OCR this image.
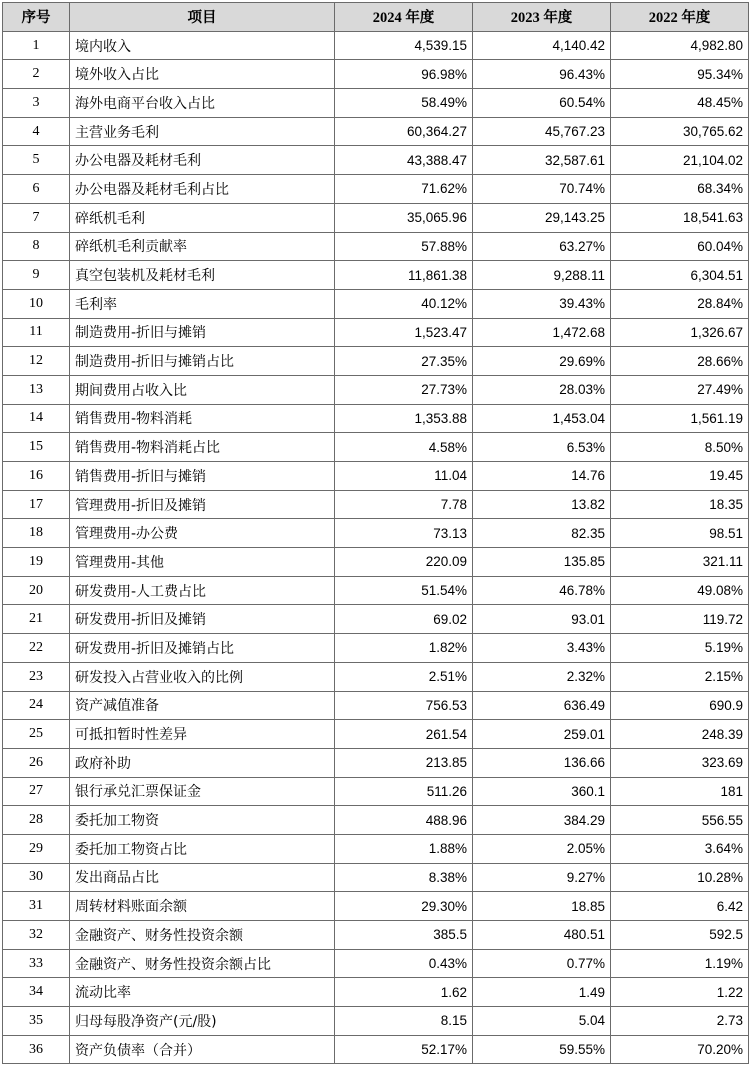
序号	项目	2024 年度	2023 年度	2022 年度
1	境内收入	4,539.15	4,140.42	4,982.80
2	境外收入占比	96.98%	96.43%	95.34%
3	海外电商平台收入占比	58.49%	60.54%	48.45%
4	主营业务毛利	60,364.27	45,767.23	30,765.62
5	办公电器及耗材毛利	43,388.47	32,587.61	21,104.02
6	办公电器及耗材毛利占比	71.62%	70.74%	68.34%
7	碎纸机毛利	35,065.96	29,143.25	18,541.63
8	碎纸机毛利贡献率	57.88%	63.27%	60.04%
9	真空包装机及耗材毛利	11,861.38	9,288.11	6,304.51
10	毛利率	40.12%	39.43%	28.84%
11	制造费用-折旧与摊销	1,523.47	1,472.68	1,326.67
12	制造费用-折旧与摊销占比	27.35%	29.69%	28.66%
13	期间费用占收入比	27.73%	28.03%	27.49%
14	销售费用-物料消耗	1,353.88	1,453.04	1,561.19
15	销售费用-物料消耗占比	4.58%	6.53%	8.50%
16	销售费用-折旧与摊销	11.04	14.76	19.45
17	管理费用-折旧及摊销	7.78	13.82	18.35
18	管理费用-办公费	73.13	82.35	98.51
19	管理费用-其他	220.09	135.85	321.11
20	研发费用-人工费占比	51.54%	46.78%	49.08%
21	研发费用-折旧及摊销	69.02	93.01	119.72
22	研发费用-折旧及摊销占比	1.82%	3.43%	5.19%
23	研发投入占营业收入的比例	2.51%	2.32%	2.15%
24	资产减值准备	756.53	636.49	690.9
25	可抵扣暂时性差异	261.54	259.01	248.39
26	政府补助	213.85	136.66	323.69
27	银行承兑汇票保证金	511.26	360.1	181
28	委托加工物资	488.96	384.29	556.55
29	委托加工物资占比	1.88%	2.05%	3.64%
30	发出商品占比	8.38%	9.27%	10.28%
31	周转材料账面余额	29.30%	18.85	6.42
32	金融资产、财务性投资余额	385.5	480.51	592.5
33	金融资产、财务性投资余额占比	0.43%	0.77%	1.19%
34	流动比率	1.62	1.49	1.22
35	归母每股净资产(元/股)	8.15	5.04	2.73
36	资产负债率（合并）	52.17%	59.55%	70.20%
